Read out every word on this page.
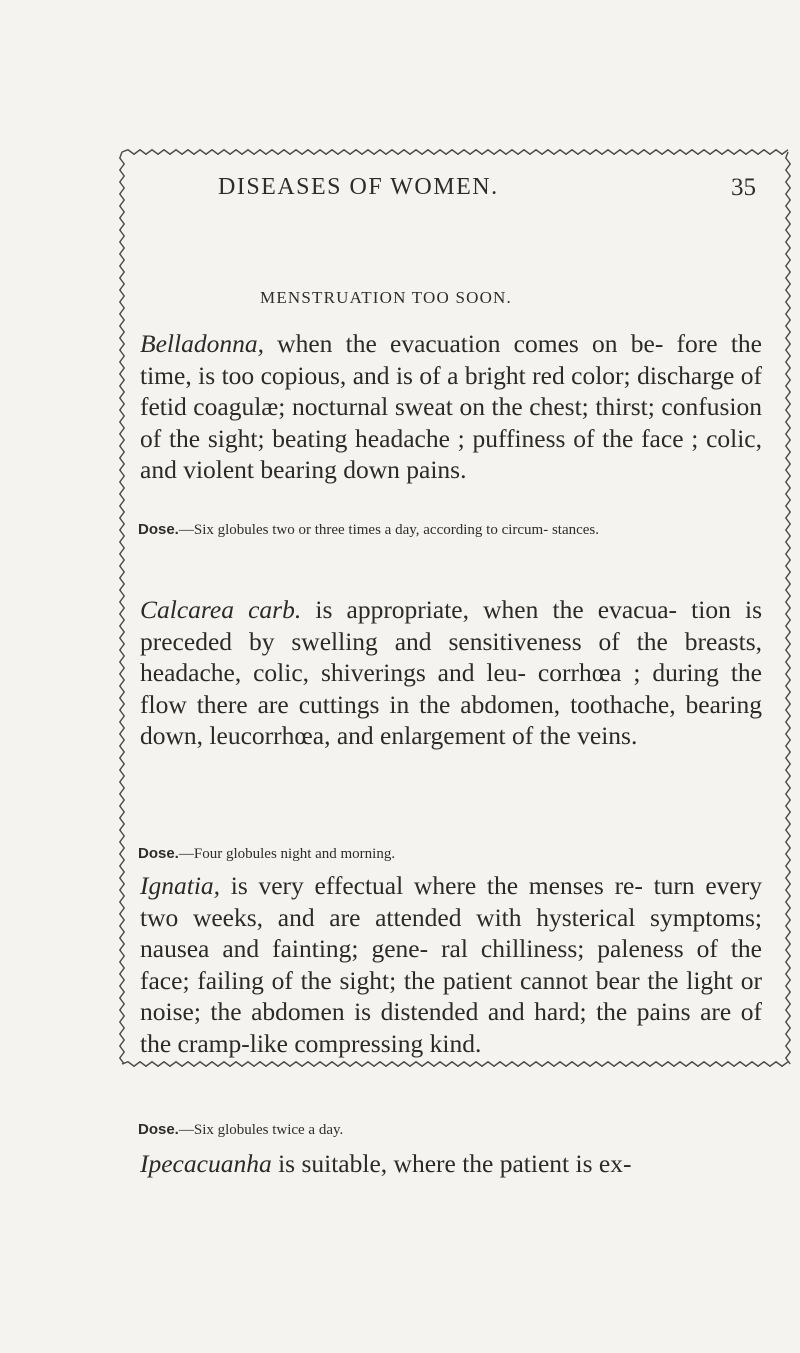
DISEASES OF WOMEN.	35
MENSTRUATION TOO SOON.

Belladonna, when the evacuation comes on be- fore the time, is too copious, and is of a bright red color; discharge of fetid coagulæ; nocturnal sweat on the chest; thirst; confusion of the sight; beating headache ; puffiness of the face ; colic, and violent bearing down pains.

Dose.—Six globules two or three times a day, according to circum- stances.

Calcarea carb. is appropriate, when the evacua- tion is preceded by swelling and sensitiveness of the breasts, headache, colic, shiverings and leu- corrhœa ; during the flow there are cuttings in the abdomen, toothache, bearing down, leucorrhœa, and enlargement of the veins.

Dose.—Four globules night and morning.

Ignatia, is very effectual where the menses re- turn every two weeks, and are attended with hysterical symptoms; nausea and fainting; gene- ral chilliness; paleness of the face; failing of the sight; the patient cannot bear the light or noise; the abdomen is distended and hard; the pains are of the cramp-like compressing kind.

Dose.—Six globules twice a day.

Ipecacuanha is suitable, where the patient is ex-
